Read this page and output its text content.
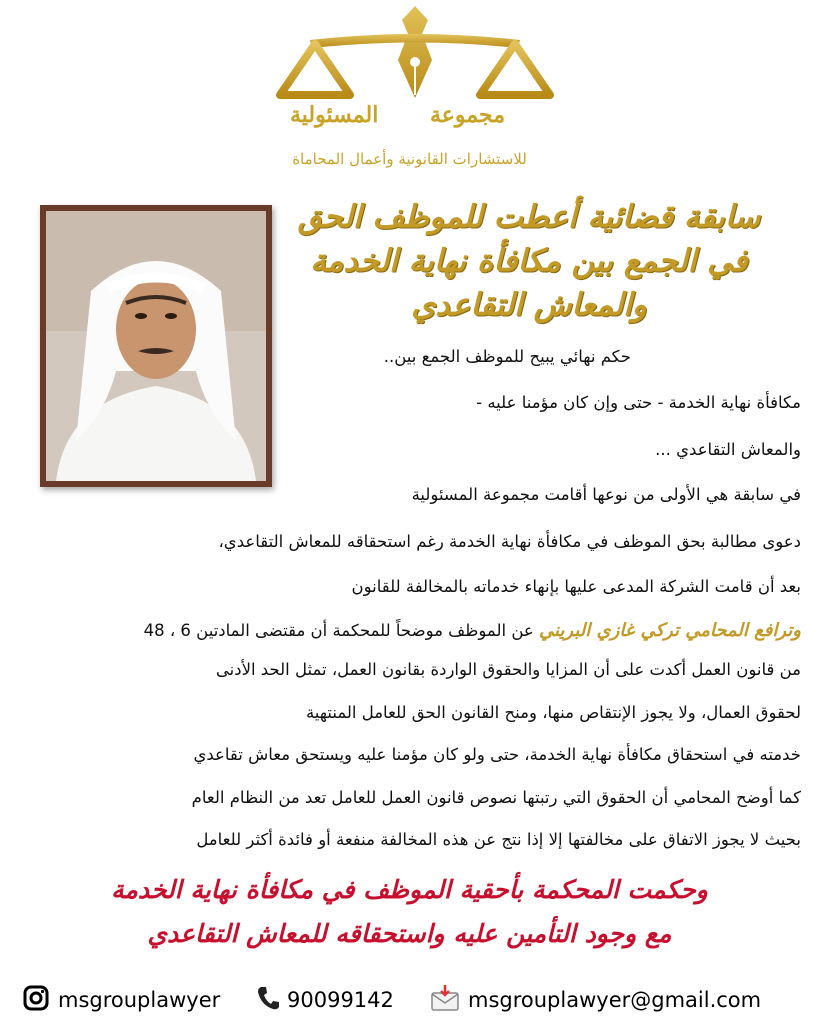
المسئولية مجموعة
للاستشارات القانونية وأعمال المحاماة
سابقة قضائية أعطت للموظف الحق
في الجمع بين مكافأة نهاية الخدمة
والمعاش التقاعدي
حكم نهائي يبيح للموظف الجمع بين..
مكافأة نهاية الخدمة - حتى وإن كان مؤمنا عليه -
والمعاش التقاعدي ...
في سابقة هي الأولى من نوعها أقامت مجموعة المسئولية
دعوى مطالبة بحق الموظف في مكافأة نهاية الخدمة رغم استحقاقه للمعاش التقاعدي،
بعد أن قامت الشركة المدعى عليها بإنهاء خدماته بالمخالفة للقانون
وترافع المحامي تركي غازي البريني عن الموظف موضحاً للمحكمة أن مقتضى المادتين 6 ، 48
من قانون العمل أكدت على أن المزايا والحقوق الواردة بقانون العمل، تمثل الحد الأدنى
لحقوق العمال، ولا يجوز الإنتقاص منها، ومنح القانون الحق للعامل المنتهية
خدمته في استحقاق مكافأة نهاية الخدمة، حتى ولو كان مؤمنا عليه ويستحق معاش تقاعدي
كما أوضح المحامي أن الحقوق التي رتبتها نصوص قانون العمل للعامل تعد من النظام العام
بحيث لا يجوز الاتفاق على مخالفتها إلا إذا نتج عن هذه المخالفة منفعة أو فائدة أكثر للعامل
وحكمت المحكمة بأحقية الموظف في مكافأة نهاية الخدمة
مع وجود التأمين عليه واستحقاقه للمعاش التقاعدي
msgrouplawyer	90099142	msgrouplawyer@gmail.com
